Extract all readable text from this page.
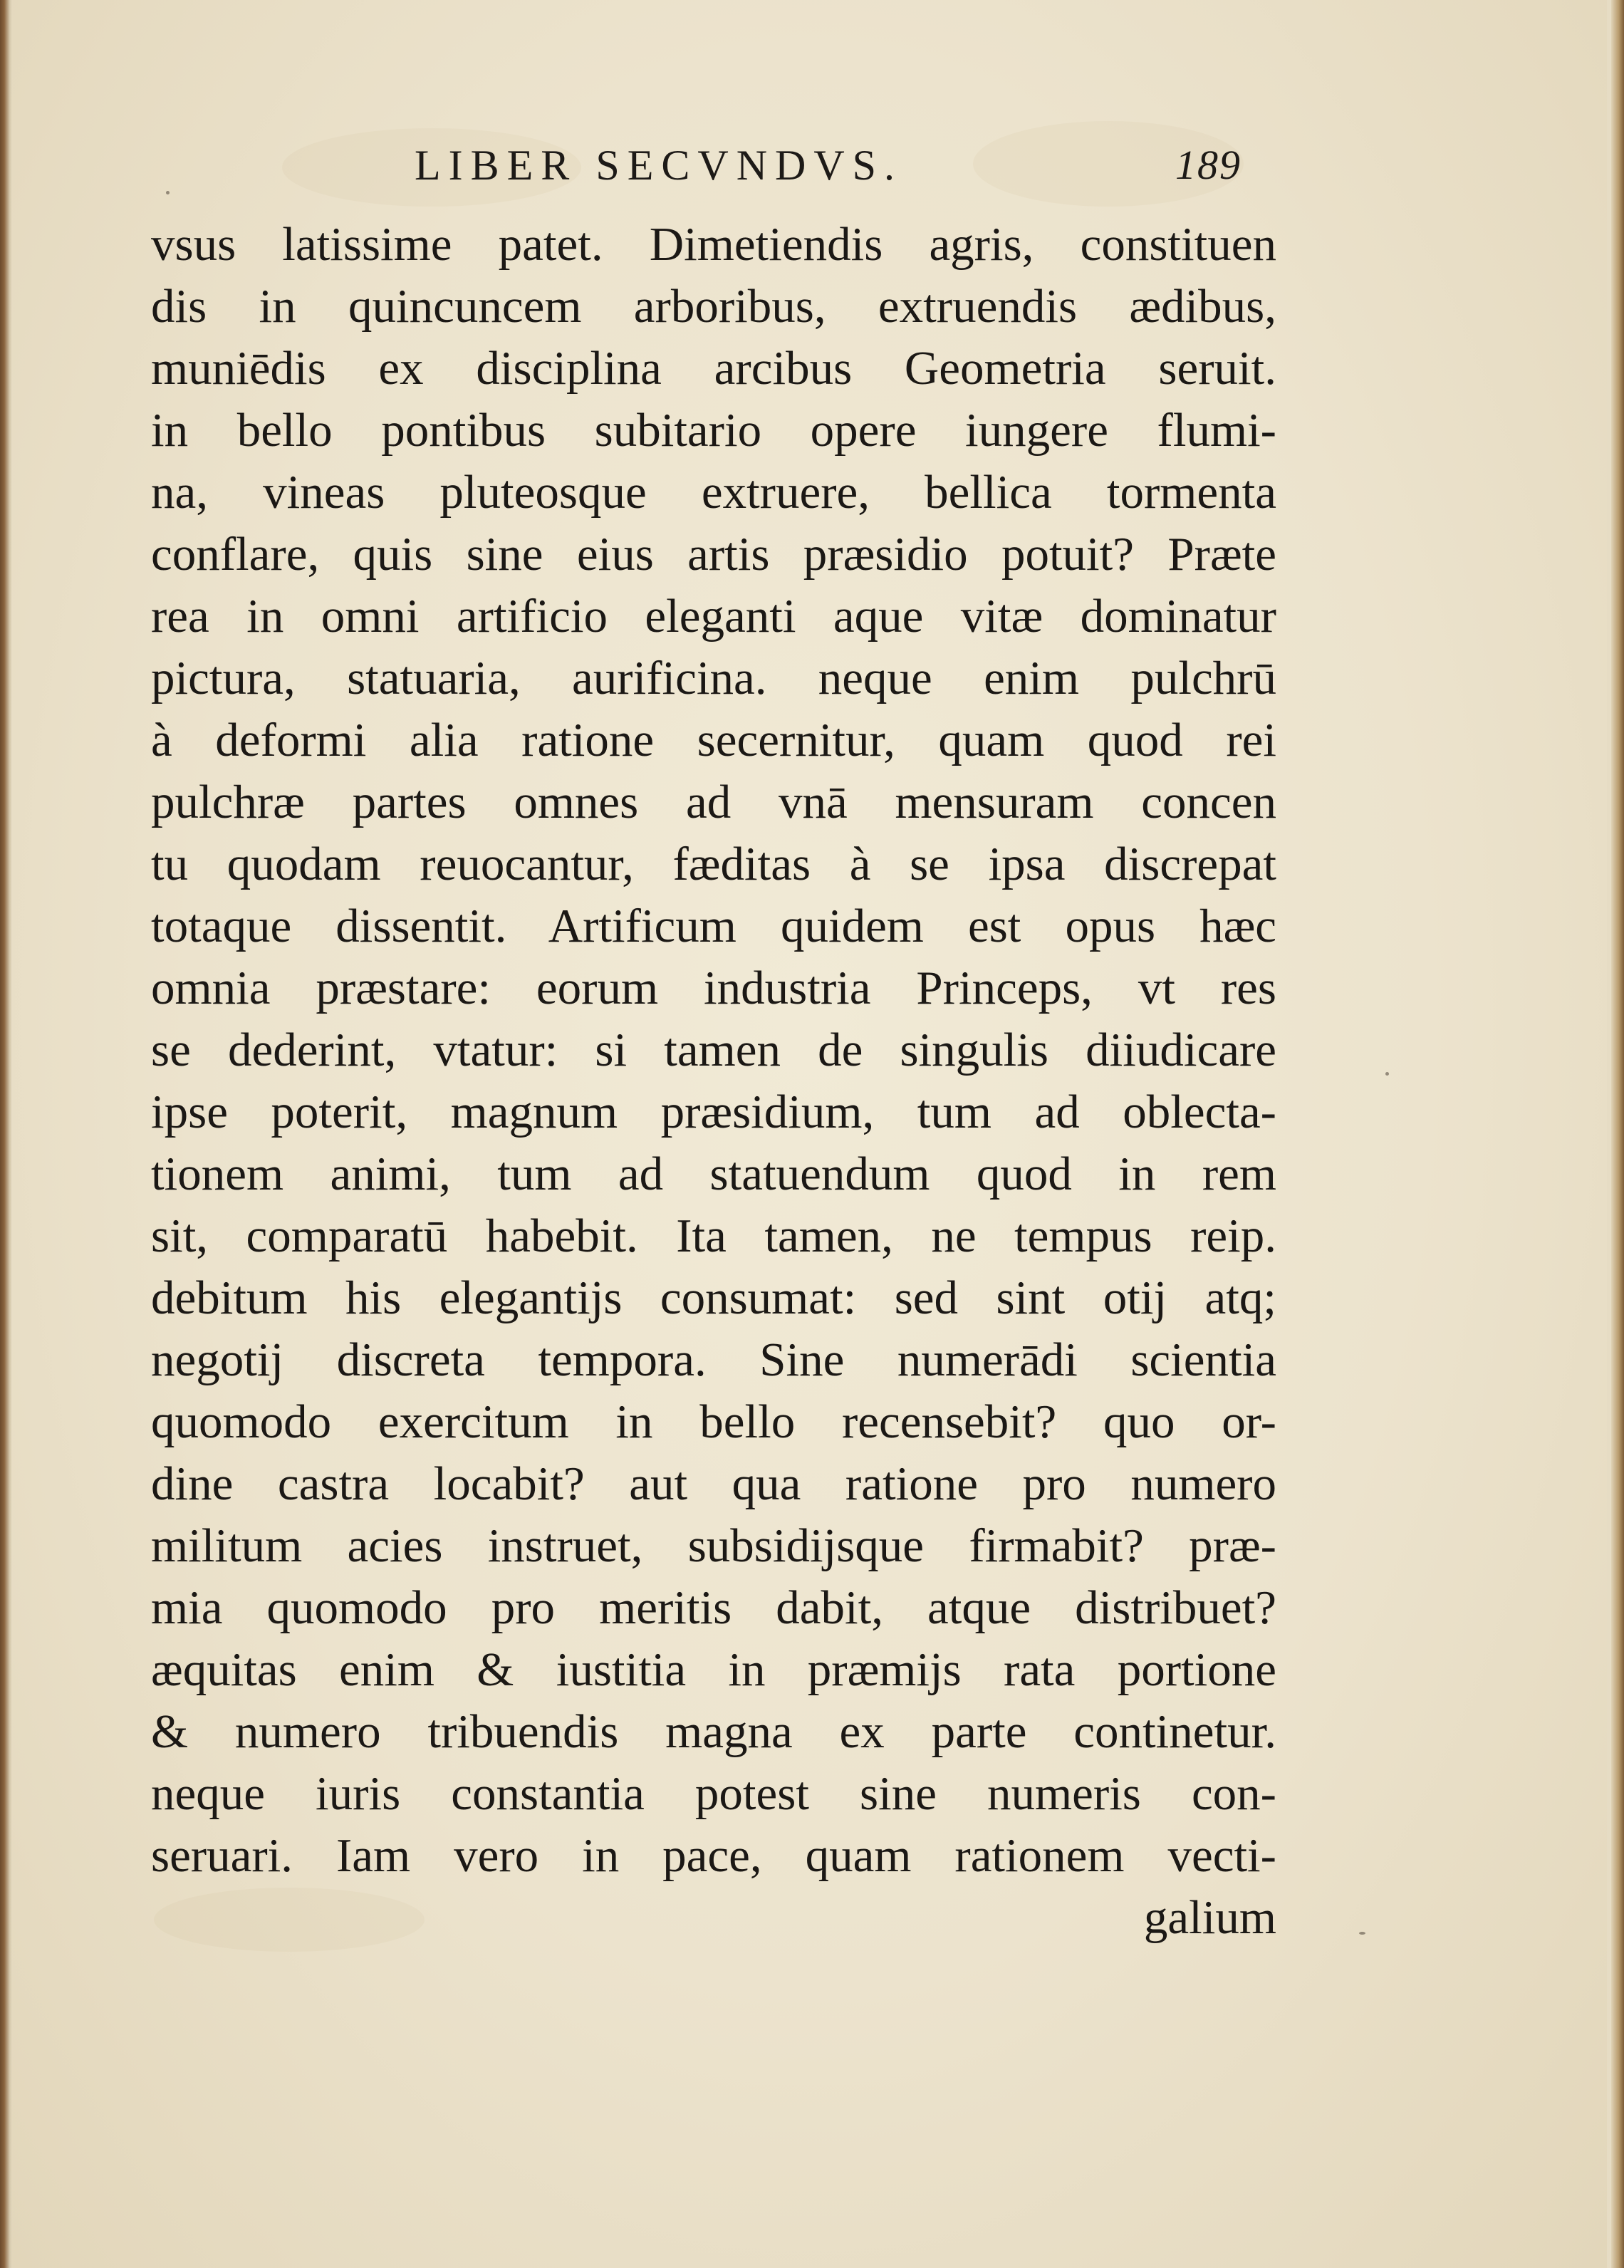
LIBER SECVNDVS.	189
vsus latissime patet. Dimetiendis agris, constituen
dis in quincuncem arboribus, extruendis ædibus,
muniēdis ex disciplina arcibus Geometria seruit.
in bello pontibus subitario opere iungere flumi-
na, vineas pluteosque extruere, bellica tormenta
conflare, quis sine eius artis præsidio potuit? Præte
rea in omni artificio eleganti aque vitæ dominatur
pictura, statuaria, aurificina. neque enim pulchrū
à deformi alia ratione secernitur, quam quod rei
pulchræ partes omnes ad vnā mensuram concen
tu quodam reuocantur, fæditas à se ipsa discrepat
totaque dissentit. Artificum quidem est opus hæc
omnia præstare: eorum industria Princeps, vt res
se dederint, vtatur: si tamen de singulis diiudicare
ipse poterit, magnum præsidium, tum ad oblecta-
tionem animi, tum ad statuendum quod in rem
sit, comparatū habebit. Ita tamen, ne tempus reip.
debitum his elegantijs consumat: sed sint otij atq;
negotij discreta tempora. Sine numerādi scientia
quomodo exercitum in bello recensebit? quo or-
dine castra locabit? aut qua ratione pro numero
militum acies instruet, subsidijsque firmabit? præ-
mia quomodo pro meritis dabit, atque distribuet?
æquitas enim & iustitia in præmijs rata portione
& numero tribuendis magna ex parte continetur.
neque iuris constantia potest sine numeris con-
seruari. Iam vero in pace, quam rationem vecti-
galium
